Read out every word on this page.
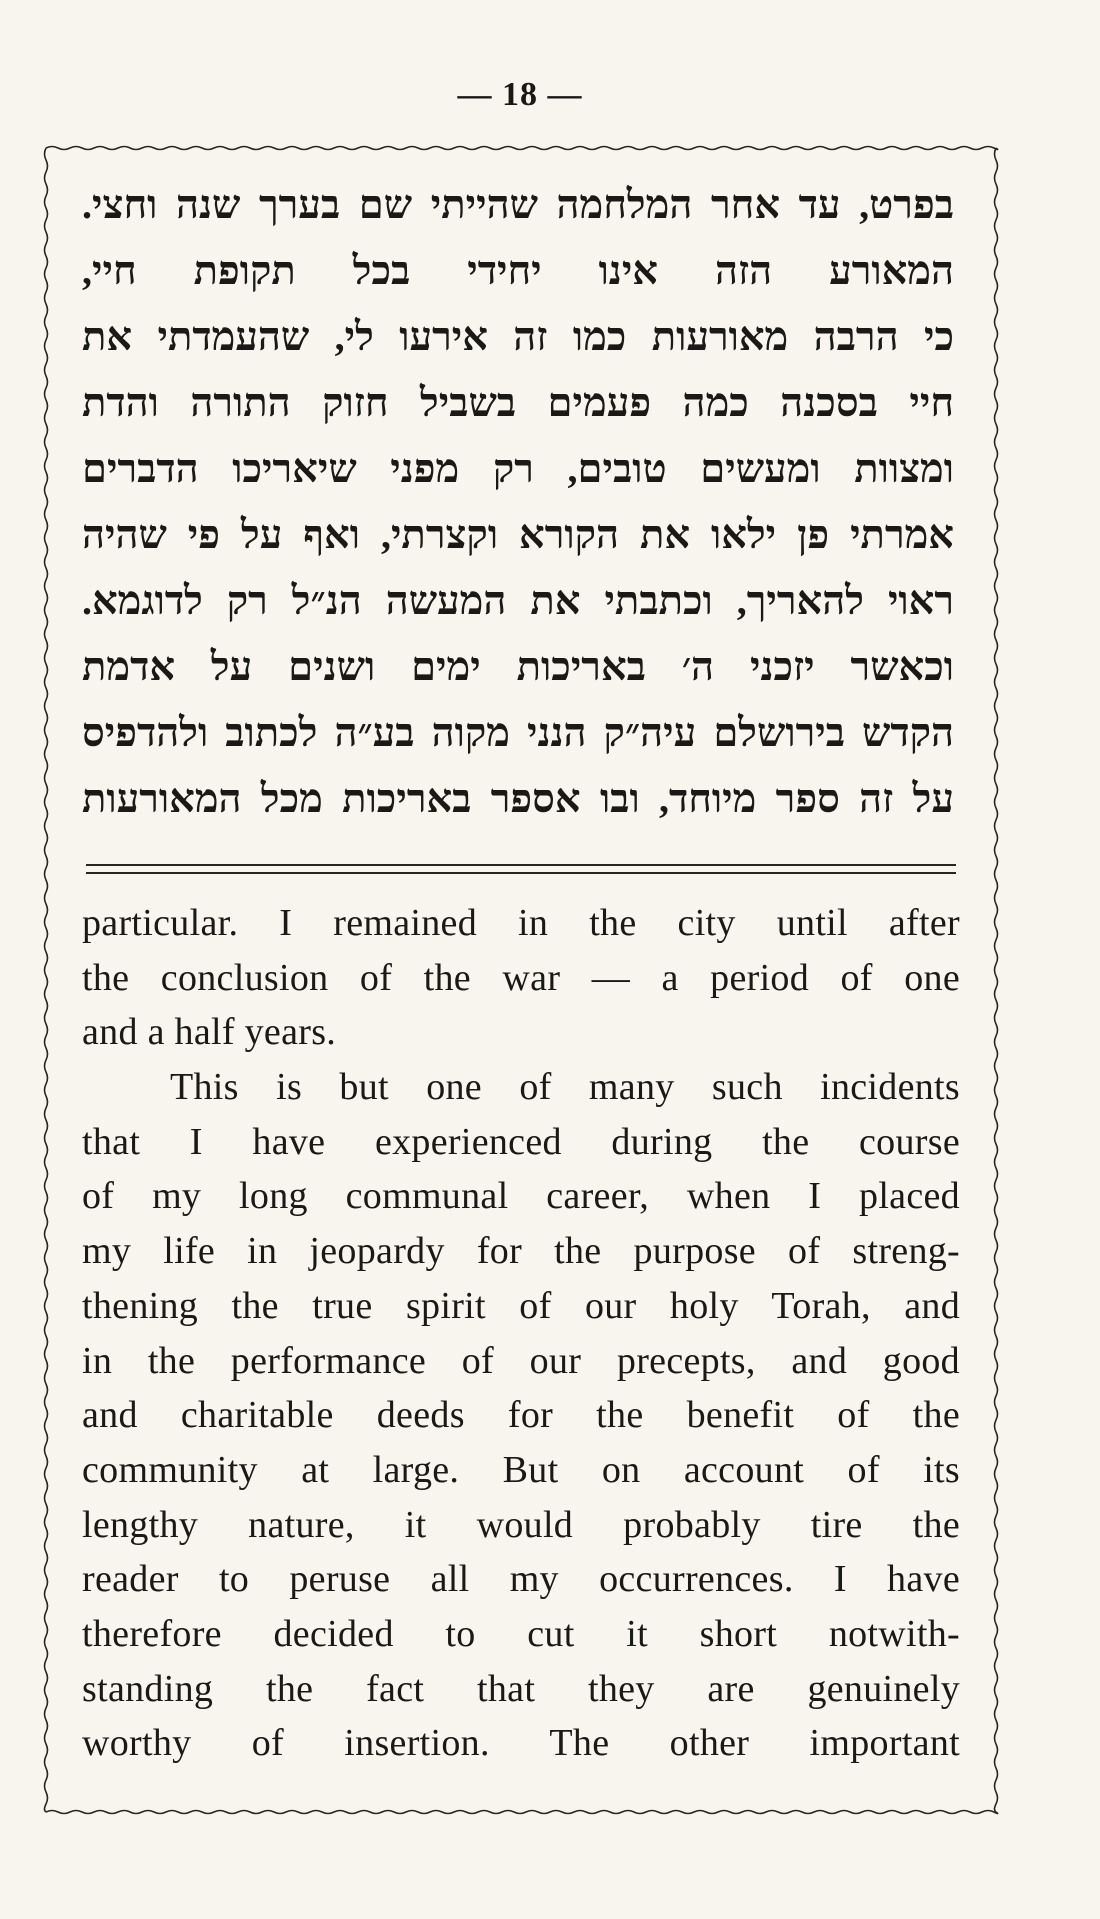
— 18 —
בפרט, עד אחר המלחמה שהייתי שם בערך שנה וחצי.
המאורע הזה אינו יחידי בכל תקופת חיי,
כי הרבה מאורעות כמו זה אירעו לי, שהעמדתי את
חיי בסכנה כמה פעמים בשביל חזוק התורה והדת
ומצוות ומעשים טובים, רק מפני שיאריכו הדברים
אמרתי פן ילאו את הקורא וקצרתי, ואף על פי שהיה
ראוי להאריך, וכתבתי את המעשה הנ״ל רק לדוגמא.
וכאשר יזכני ה׳ באריכות ימים ושנים על אדמת
הקדש בירושלם עיה״ק הנני מקוה בע״ה לכתוב ולהדפיס
על זה ספר מיוחד, ובו אספר באריכות מכל המאורעות
particular. I remained in the city until after
the conclusion of the war — a period of one
and a half years.
This is but one of many such incidents
that I have experienced during the course
of my long communal career, when I placed
my life in jeopardy for the purpose of streng-
thening the true spirit of our holy Torah, and
in the performance of our precepts, and good
and charitable deeds for the benefit of the
community at large. But on account of its
lengthy nature, it would probably tire the
reader to peruse all my occurrences. I have
therefore decided to cut it short notwith-
standing the fact that they are genuinely
worthy of insertion. The other important
